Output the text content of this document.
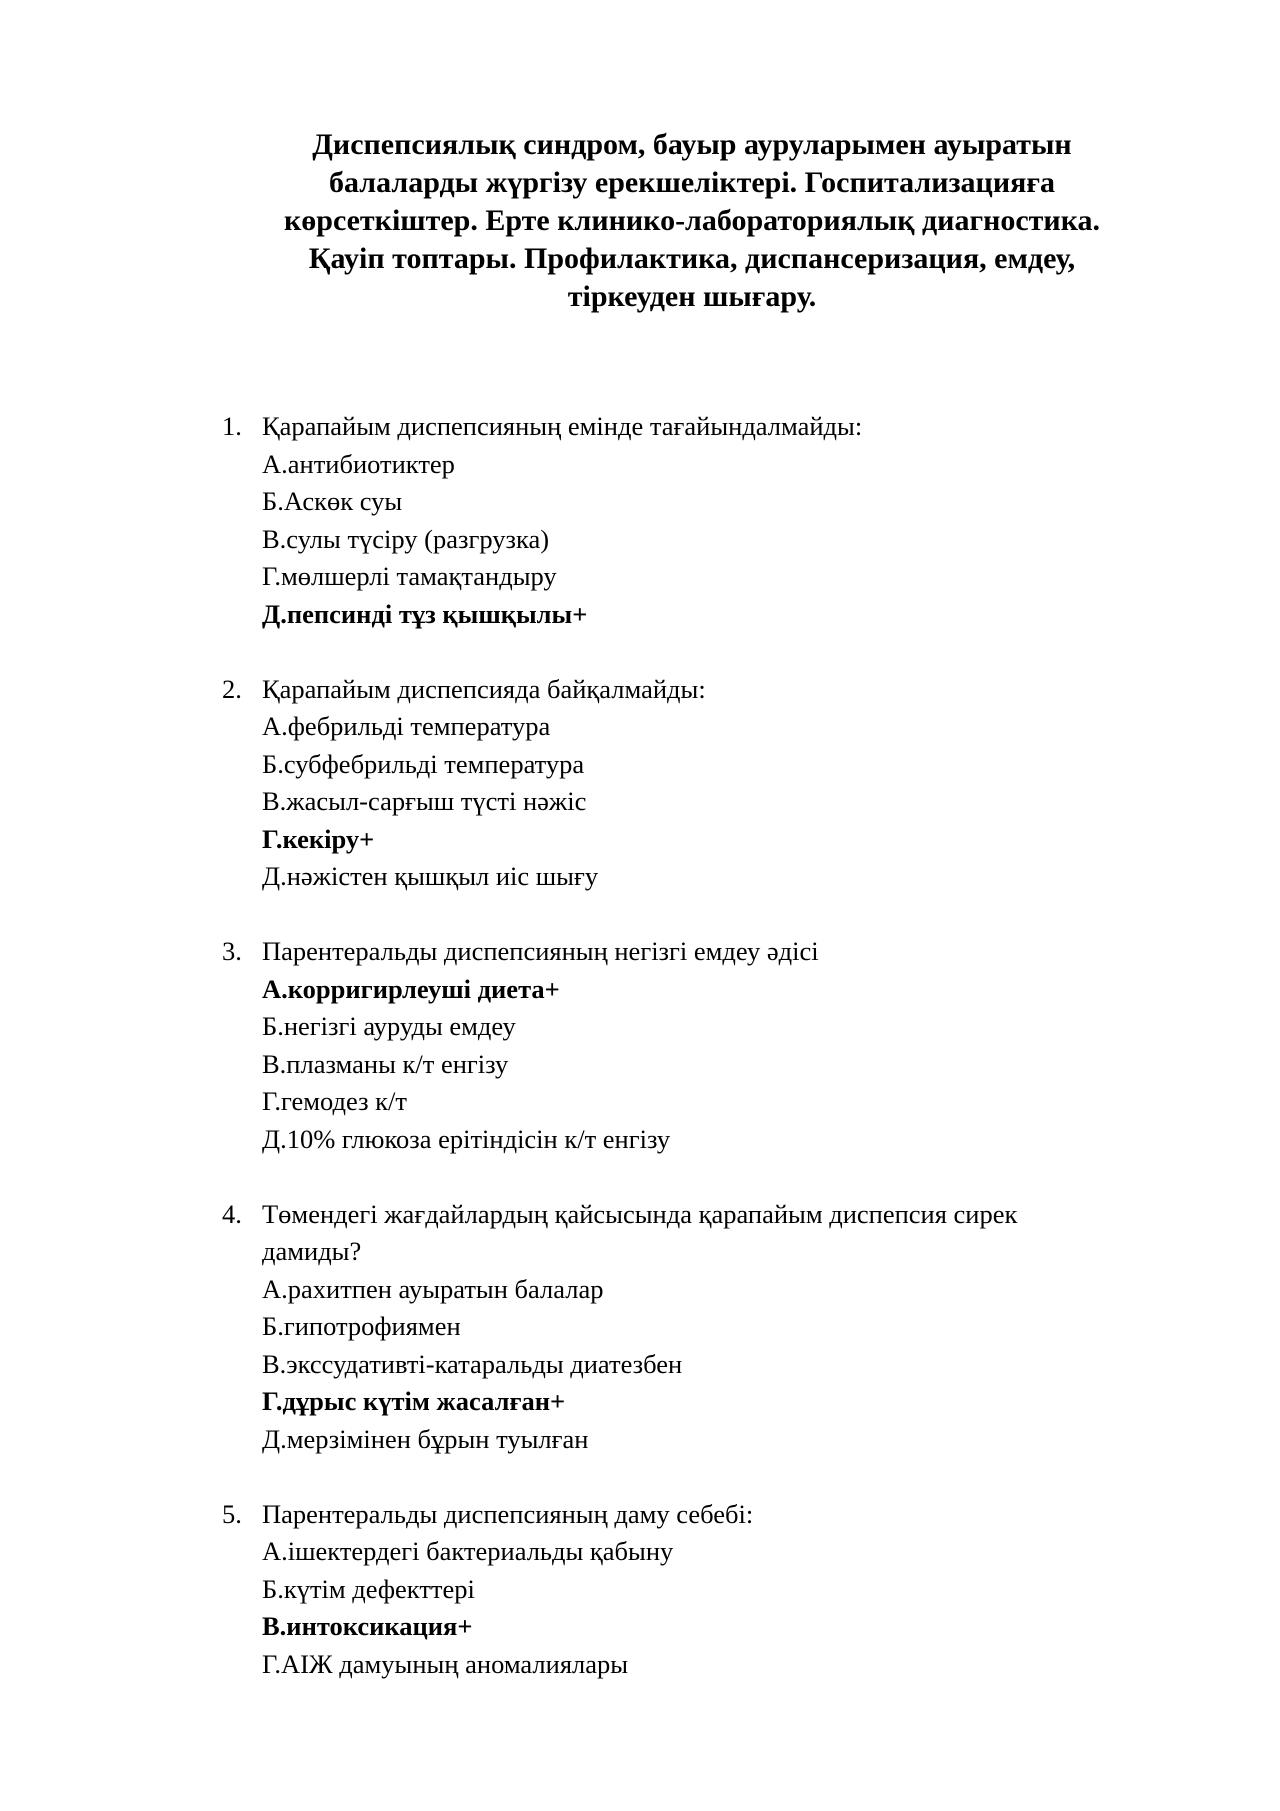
Диспепсиялық синдром, бауыр ауруларымен ауыратын
балаларды жүргізу ерекшеліктері. Госпитализацияға
көрсеткіштер. Ерте клинико-лабораториялық диагностика.
Қауіп топтары. Профилактика, диспансеризация, емдеу,
тіркеуден шығару.
1. Қарапайым диспепсияның емінде тағайындалмайды:
А.антибиотиктер
Б.Аскөк суы
В.сулы түсіру (разгрузка)
Г.мөлшерлі тамақтандыру
Д.пепсинді тұз қышқылы+
2. Қарапайым диспепсияда байқалмайды:
А.фебрильді температура
Б.субфебрильді температура
В.жасыл-сарғыш түсті нәжіс
Г.кекіру+
Д.нәжістен қышқыл иіс шығу
3. Парентеральды диспепсияның негізгі емдеу әдісі
А.корригирлеуші диета+
Б.негізгі ауруды емдеу
В.плазманы к/т енгізу
Г.гемодез к/т
Д.10% глюкоза ерітіндісін к/т енгізу
4. Төмендегі жағдайлардың қайсысында қарапайым диспепсия сирек
дамиды?
А.рахитпен ауыратын балалар
Б.гипотрофиямен
В.экссудативті-катаральды диатезбен
Г.дұрыс күтім жасалған+
Д.мерзімінен бұрын туылған
5. Парентеральды диспепсияның даму себебі:
А.ішектердегі бактериальды қабыну
Б.күтім дефекттері
В.интоксикация+
Г.АІЖ дамуының аномалиялары
